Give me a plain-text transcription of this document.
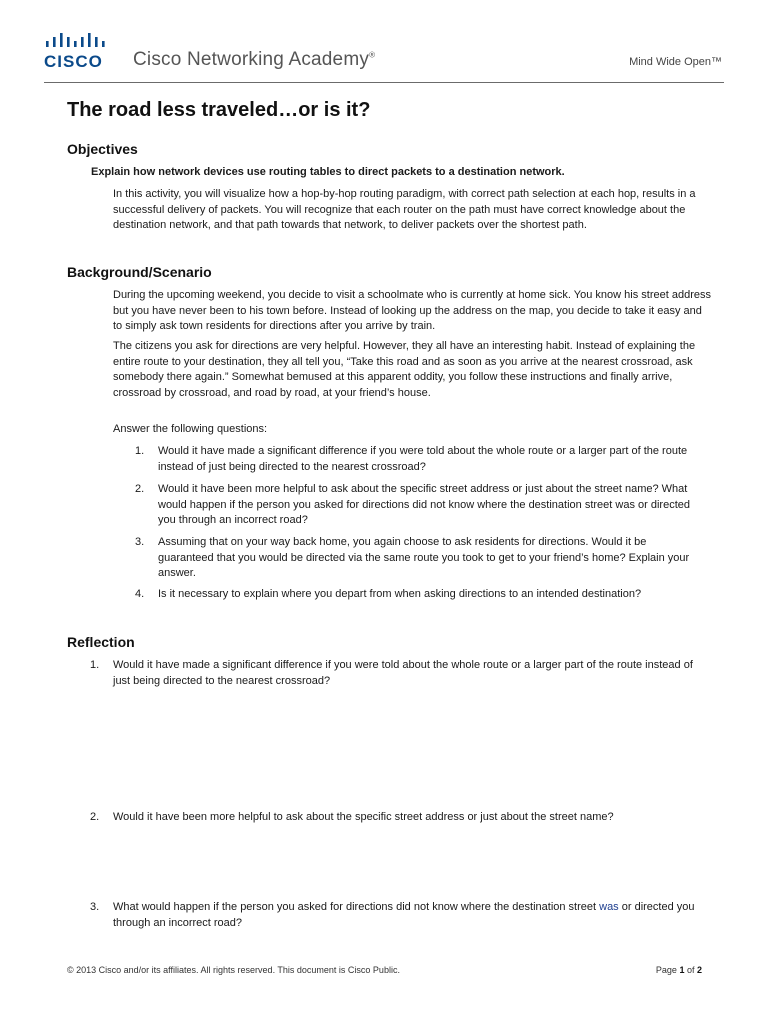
CISCO Cisco Networking Academy®
Mind Wide Open™
The road less traveled…or is it?
Objectives
Explain how network devices use routing tables to direct packets to a destination network.

In this activity, you will visualize how a hop-by-hop routing paradigm, with correct path selection at each hop, results in a successful delivery of packets. You will recognize that each router on the path must have correct knowledge about the destination network, and that path towards that network, to deliver packets over the shortest path.

Background/Scenario

During the upcoming weekend, you decide to visit a schoolmate who is currently at home sick. You know his street address but you have never been to his town before. Instead of looking up the address on the map, you decide to take it easy and to simply ask town residents for directions after you arrive by train.

The citizens you ask for directions are very helpful. However, they all have an interesting habit. Instead of explaining the entire route to your destination, they all tell you, “Take this road and as soon as you arrive at the nearest crossroad, ask somebody there again.” Somewhat bemused at this apparent oddity, you follow these instructions and finally arrive, crossroad by crossroad, and road by road, at your friend’s house.

Answer the following questions:

1. Would it have made a significant difference if you were told about the whole route or a larger part of the route instead of just being directed to the nearest crossroad?
2. Would it have been more helpful to ask about the specific street address or just about the street name? What would happen if the person you asked for directions did not know where the destination street was or directed you through an incorrect road?
3. Assuming that on your way back home, you again choose to ask residents for directions. Would it be guaranteed that you would be directed via the same route you took to get to your friend’s home? Explain your answer.
4. Is it necessary to explain where you depart from when asking directions to an intended destination?
Reflection
1.	Would it have made a significant difference if you were told about the whole route or a larger part of the route instead of just being directed to the nearest crossroad?
2.	Would it have been more helpful to ask about the specific street address or just about the street name?
3.	What would happen if the person you asked for directions did not know where the destination street was or directed you through an incorrect road?
© 2013 Cisco and/or its affiliates. All rights reserved. This document is Cisco Public.	Page 1 of 2
